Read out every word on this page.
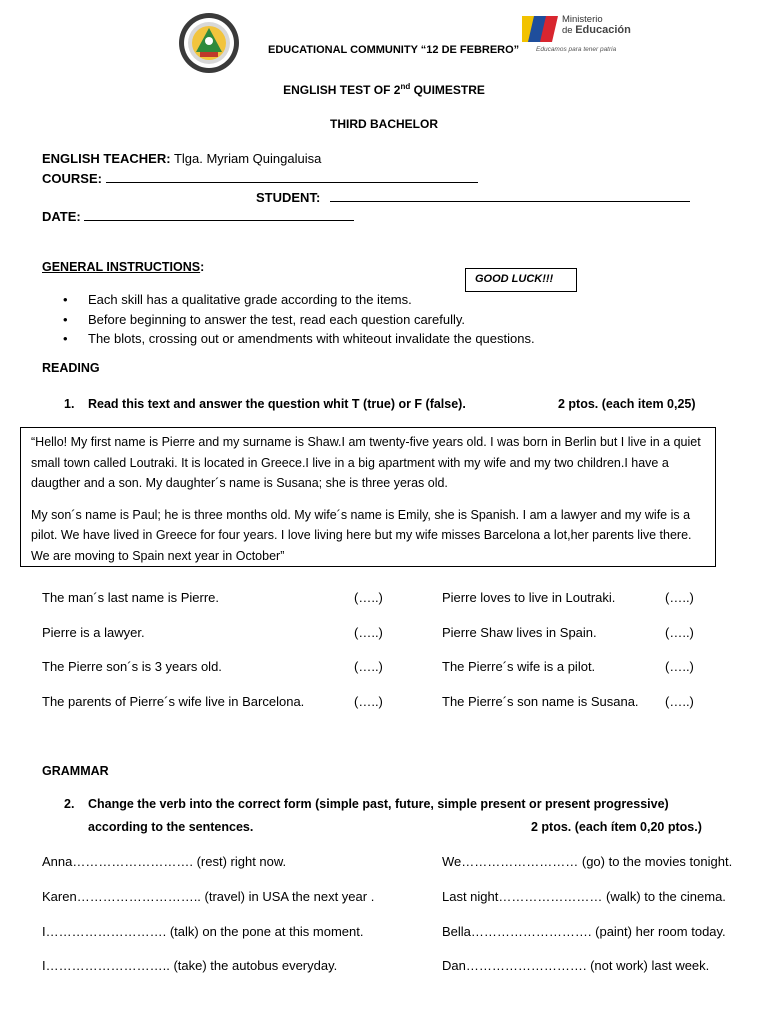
Ministerio
de Educación
Educamos para tener patria
EDUCATIONAL COMMUNITY “12 DE FEBRERO”
ENGLISH TEST OF 2nd QUIMESTRE
THIRD BACHELOR
ENGLISH TEACHER: Tlga. Myriam Quingaluisa
COURSE:
STUDENT:
DATE:
GENERAL INSTRUCTIONS:
GOOD LUCK!!!
• Each skill has a qualitative grade according to the items.
• Before beginning to answer the test, read each question carefully.
• The blots, crossing out or amendments with whiteout invalidate the questions.
READING
1. Read this text and answer the question whit T (true) or F (false).	2 ptos. (each item 0,25)

“Hello! My first name is Pierre and my surname is Shaw.I am twenty-five years old. I was born in Berlin but I live in a quiet small town called Loutraki. It is located in Greece.I live in a big apartment with my wife and my two children.I have a daugther and a son. My daughter´s name is Susana; she is three yeras old.

My son´s name is Paul; he is three months old. My wife´s name is Emily, she is Spanish. I am a lawyer and my wife is a pilot. We have lived in Greece for four years. I love living here but my wife misses Barcelona a lot,her parents live there. We are moving to Spain next year in October”

The man´s last name is Pierre.	(…..)
Pierre is a lawyer.	(…..)
The Pierre son´s is 3 years old.	(…..)
The parents of Pierre´s wife live in Barcelona.	(…..)
Pierre loves to live in Loutraki.	(…..)
Pierre Shaw lives in Spain.	(…..)
The Pierre´s wife is a pilot.	(…..)
The Pierre´s son name is Susana. (…..)
GRAMMAR
2. Change the verb into the correct form (simple past, future, simple present or present progressive)
according to the sentences.	2 ptos. (each ítem 0,20 ptos.)
Anna………………………. (rest) right now.
Karen……………………….. (travel) in USA the next year .
I………………………. (talk) on the pone at this moment.
I……………………….. (take) the autobus everyday.
We……………………… (go) to the movies tonight.
Last night…………………… (walk) to the cinema.
Bella………………………. (paint) her room today.
Dan………………………. (not work) last week.
